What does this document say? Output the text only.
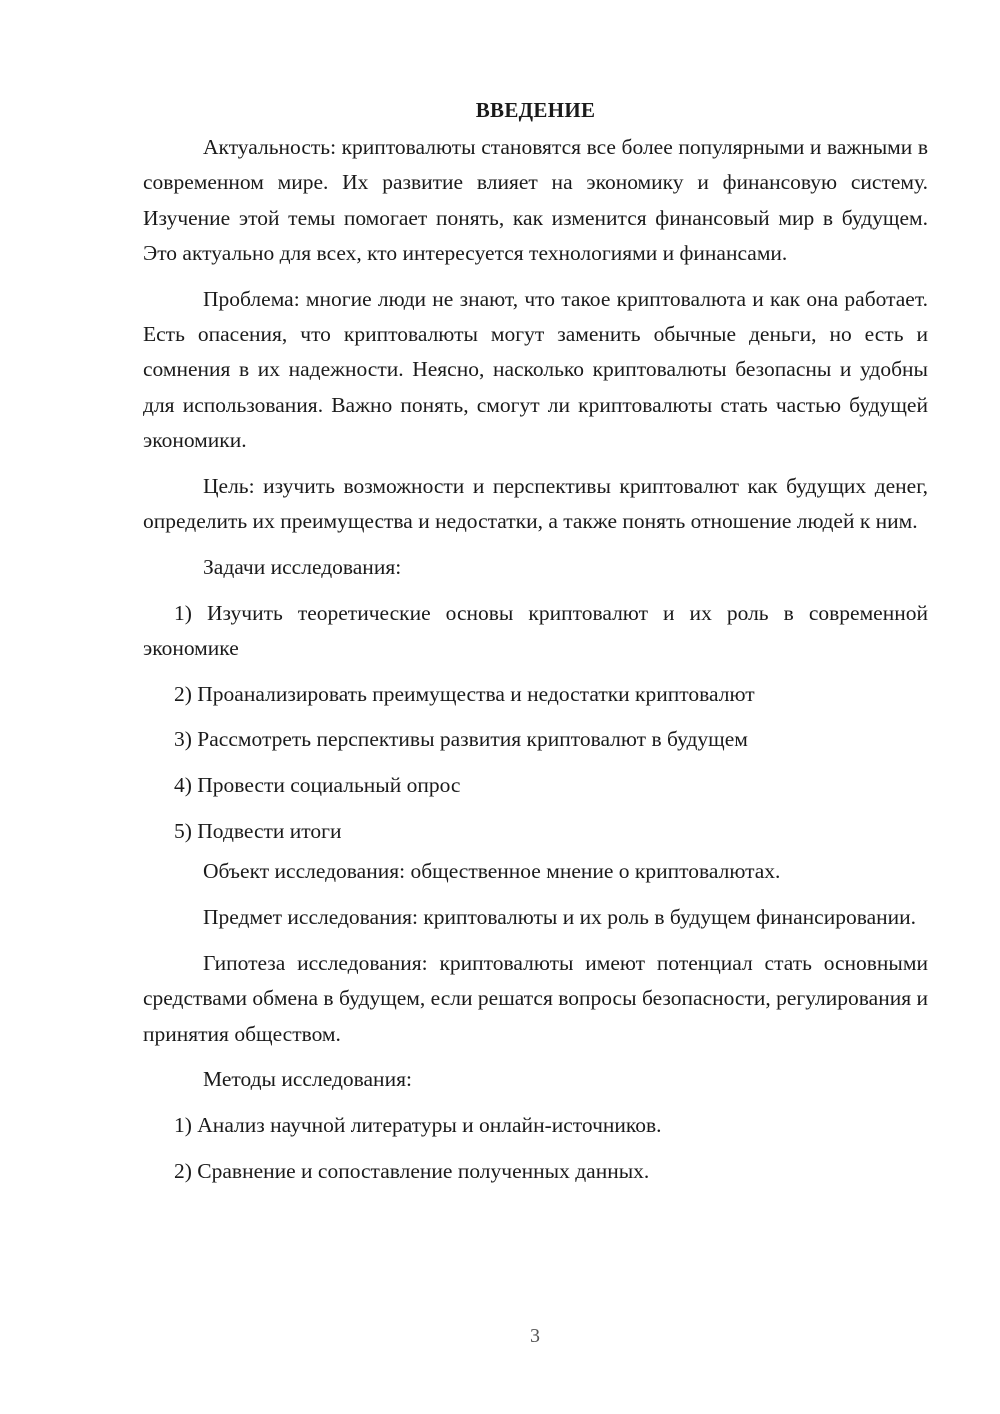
ВВЕДЕНИЕ

Актуальность: криптовалюты становятся все более популярными и важными в современном мире. Их развитие влияет на экономику и финансовую систему. Изучение этой темы помогает понять, как изменится финансовый мир в будущем. Это актуально для всех, кто интересуется технологиями и финансами.

Проблема: многие люди не знают, что такое криптовалюта и как она работает. Есть опасения, что криптовалюты могут заменить обычные деньги, но есть и сомнения в их надежности. Неясно, насколько криптовалюты безопасны и удобны для использования. Важно понять, смогут ли криптовалюты стать частью будущей экономики.

Цель: изучить возможности и перспективы криптовалют как будущих денег, определить их преимущества и недостатки, а также понять отношение людей к ним.

Задачи исследования:

1) Изучить теоретические основы криптовалют и их роль в современной экономике

2) Проанализировать преимущества и недостатки криптовалют

3) Рассмотреть перспективы развития криптовалют в будущем

4) Провести социальный опрос

5) Подвести итоги

Объект исследования: общественное мнение о криптовалютах.

Предмет исследования: криптовалюты и их роль в будущем финансировании.

Гипотеза исследования: криптовалюты имеют потенциал стать основными средствами обмена в будущем, если решатся вопросы безопасности, регулирования и принятия обществом.

Методы исследования:

1) Анализ научной литературы и онлайн-источников.

2) Сравнение и сопоставление полученных данных.

3
